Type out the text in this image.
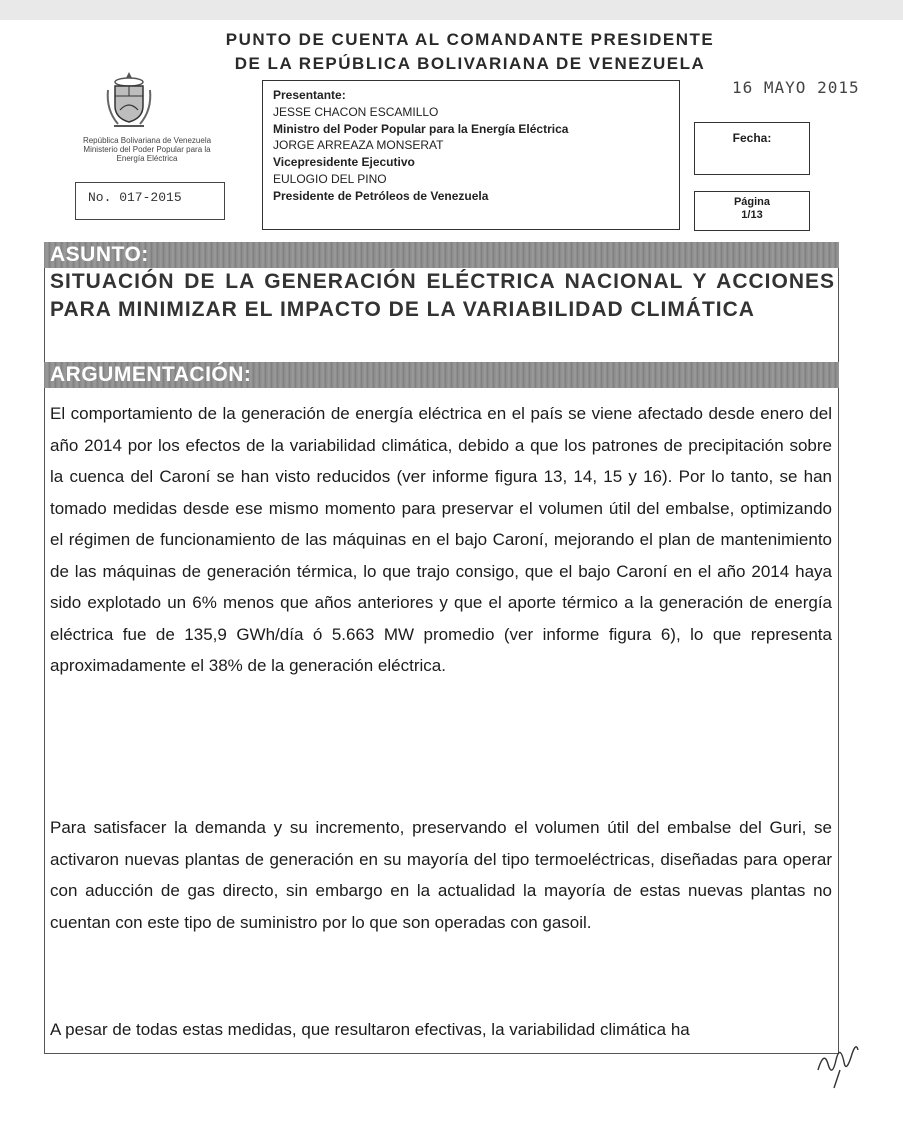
PUNTO DE CUENTA AL COMANDANTE PRESIDENTE
DE LA REPÚBLICA BOLIVARIANA DE VENEZUELA
República Bolivariana de Venezuela
Ministerio del Poder Popular para la
Energía Eléctrica
No. 017-2015
Presentante:
JESSE CHACON ESCAMILLO
Ministro del Poder Popular para la Energía Eléctrica
JORGE ARREAZA MONSERAT
Vicepresidente Ejecutivo
EULOGIO DEL PINO
Presidente de Petróleos de Venezuela
16 MAYO 2015
Fecha:
Página
1/13
ASUNTO:
SITUACIÓN DE LA GENERACIÓN ELÉCTRICA NACIONAL Y ACCIONES PARA MINIMIZAR EL IMPACTO DE LA VARIABILIDAD CLIMÁTICA
ARGUMENTACIÓN:

El comportamiento de la generación de energía eléctrica en el país se viene afectado desde enero del año 2014 por los efectos de la variabilidad climática, debido a que los patrones de precipitación sobre la cuenca del Caroní se han visto reducidos (ver informe figura 13, 14, 15 y 16). Por lo tanto, se han tomado medidas desde ese mismo momento para preservar el volumen útil del embalse, optimizando el régimen de funcionamiento de las máquinas en el bajo Caroní, mejorando el plan de mantenimiento de las máquinas de generación térmica, lo que trajo consigo, que el bajo Caroní en el año 2014 haya sido explotado un 6% menos que años anteriores y que el aporte térmico a la generación de energía eléctrica fue de 135,9 GWh/día ó 5.663 MW promedio (ver informe figura 6), lo que representa aproximadamente el 38% de la generación eléctrica.

Para satisfacer la demanda y su incremento, preservando el volumen útil del embalse del Guri, se activaron nuevas plantas de generación en su mayoría del tipo termoeléctricas, diseñadas para operar con aducción de gas directo, sin embargo en la actualidad la mayoría de estas nuevas plantas no cuentan con este tipo de suministro por lo que son operadas con gasoil.

A pesar de todas estas medidas, que resultaron efectivas, la variabilidad climática ha
